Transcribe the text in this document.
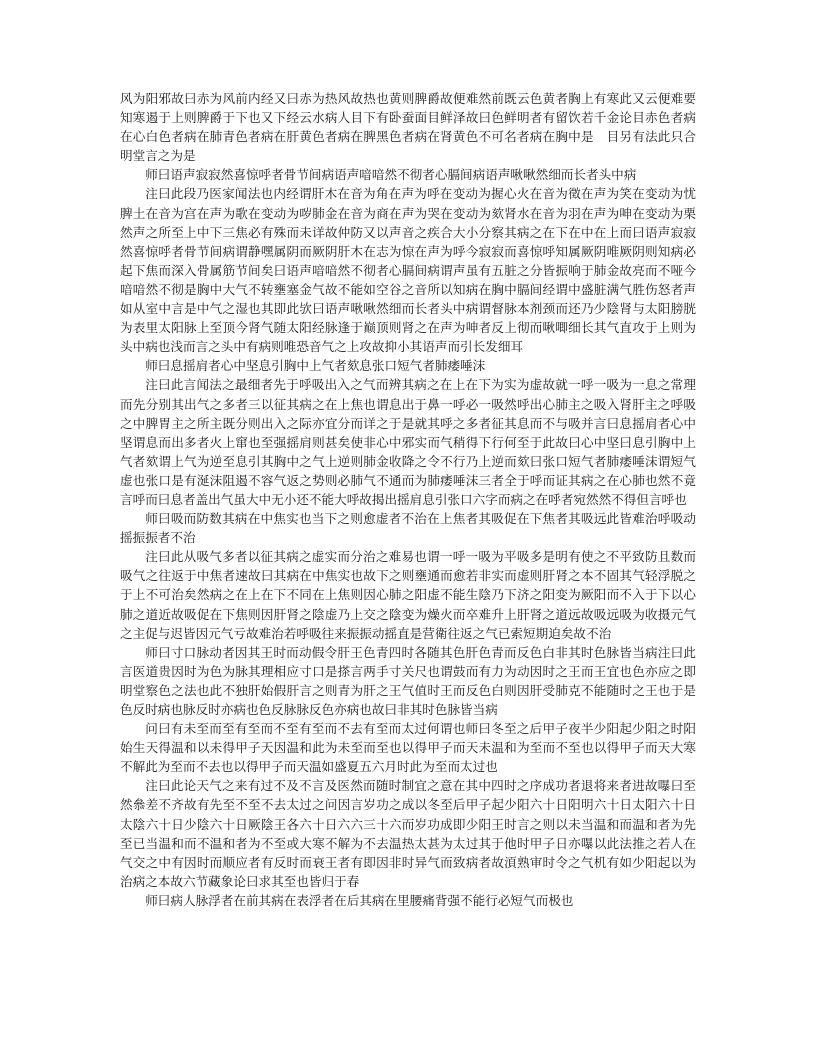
风为阳邪故曰赤为风前内经又曰赤为热风故热也黄则脾爵故便难然前既云色黄者胸上有寒此又云便难要知寒遏于上则脾爵于下也又下经云水病人目下有卧蚕面目鲜泽故曰色鲜明者有留饮若千金论目赤色者病在心白色者病在肺青色者病在肝黄色者病在脾黑色者病在肾黄色不可名者病在胸中是　目另有法此只合明堂言之为是

师曰语声寂寂然喜惊呼者骨节间病语声喑喑然不彻者心膈间病语声啾啾然细而长者头中病

注曰此段乃医家闻法也内经谓肝木在音为角在声为呼在变动为握心火在音为徵在声为笑在变动为忧脾土在音为宫在声为歌在变动为哕肺金在音为商在声为哭在变动为欬肾水在音为羽在声为呻在变动为栗然声之所至上中下三焦必有殊而未详故仲防又以声音之疾合大小分察其病之在下在中在上而曰语声寂寂然喜惊呼者骨节间病谓静嘿属阴而厥阴肝木在志为惊在声为呼今寂寂而喜惊呼知属厥阴唯厥阴则知病必起下焦而深入骨属筋节间矣曰语声喑喑然不彻者心膈间病谓声虽有五脏之分皆振响于肺金故亮而不哑今喑喑然不彻是胸中大气不转壅塞金气故不能如空谷之音所以知病在胸中膈间经谓中盛脏满气胜伤怒者声如从室中言是中气之湿也其即此欤曰语声啾啾然细而长者头中病谓督脉本剂颈而还乃少陰肾与太阳膀胱为表里太阳脉上至顶今肾气随太阳经脉逢于巅顶则肾之在声为呻者反上彻而啾唧细长其气直攻于上则为头中病也浅而言之头中有病则唯恐音气之上攻故抑小其语声而引长发细耳

师曰息摇肩者心中坚息引胸中上气者欬息张口短气者肺痿唾沫

注曰此言闻法之最细者先于呼吸出入之气而辨其病之在上在下为实为虚故就一呼一吸为一息之常理而先分别其出气之多者三以征其病之在上焦也谓息出于鼻一呼必一吸然呼出心肺主之吸入肾肝主之呼吸之中脾胃主之所主既分则出入之际亦宜分而详之于是就其呼之多者征其息而不与吸并言曰息摇肩者心中坚谓息而出多者火上窜也至强摇肩则甚矣使非心中邪实而气稍得下行何至于此故曰心中坚曰息引胸中上气者欬谓上气为逆至息引其胸中之气上逆则肺金收降之令不行乃上逆而欬曰张口短气者肺痿唾沫谓短气虚也张口是有涎沫阻遏不容气返之势则必肺气不通而为肺痿唾沫三者全于呼而证其病之在心肺也然不竟言呼而曰息者盖出气虽大中无小还不能大呼故揭出摇肩息引张口六字而病之在呼者宛然然不得但言呼也

师曰吸而防数其病在中焦实也当下之则愈虚者不治在上焦者其吸促在下焦者其吸远此皆难治呼吸动摇振振者不治

注曰此从吸气多者以征其病之虚实而分治之难易也谓一呼一吸为平吸多是明有使之不平致防且数而吸气之往返于中焦者速故曰其病在中焦实也故下之则壅通而愈若非实而虚则肝肾之本不固其气轻浮脱之于上不可治矣然病之在上在下不同在上焦则因心肺之阳虚不能生陰乃下济之阳变为厥阳而不入于下以心肺之道近故吸促在下焦则因肝肾之陰虚乃上交之陰变为燥火而卒难升上肝肾之道远故吸远吸为收摄元气之主促与迟皆因元气亏故难治若呼吸往来振振动摇直是营衛往返之气已索短期迫矣故不治

师曰寸口脉动者因其王时而动假令肝王色青四时各随其色肝色青而反色白非其时色脉皆当病注曰此言医道贵因时为色为脉其理相应寸口是搽言两手寸关尺也谓鼓而有力为动因时之王而王宜也色亦应之即明堂察色之法也此不独肝始假肝言之则青为肝之王气值时王而反色白则因肝受肺克不能随时之王也于是色反时病也脉反时亦病也色反脉脉反色亦病也故曰非其时色脉皆当病

问曰有未至而至有至而不至有至而不去有至而太过何谓也师曰冬至之后甲子夜半少阳起少阳之时阳始生天得温和以未得甲子天因温和此为未至而至也以得甲子而天未温和为至而不至也以得甲子而天大寒不解此为至而不去也以得甲子而天温如盛夏五六月时此为至而太过也

注曰此论天气之来有过不及不言及医然而随时制宜之意在其中四时之序成功者退将来者进故嚗曰至然叅差不齐故有先至不至不去太过之问因言岁功之成以冬至后甲子起少阳六十日阳明六十日太阳六十日太陰六十日少陰六十日厥陰王各六十日六六三十六而岁功成即少阳王时言之则以未当温和而温和者为先至已当温和而不温和者为不至或大寒不解为不去温热太甚为太过其于他时甲子日亦嚗以此法推之若人在气交之中有因时而顺应者有反时而衰王者有即因非时异气而致病者故湏熟审时令之气机有如少阳起以为治病之本故六节藏象论曰求其至也皆归于春

师曰病人脉浮者在前其病在表浮者在后其病在里腰痛背强不能行必短气而极也
